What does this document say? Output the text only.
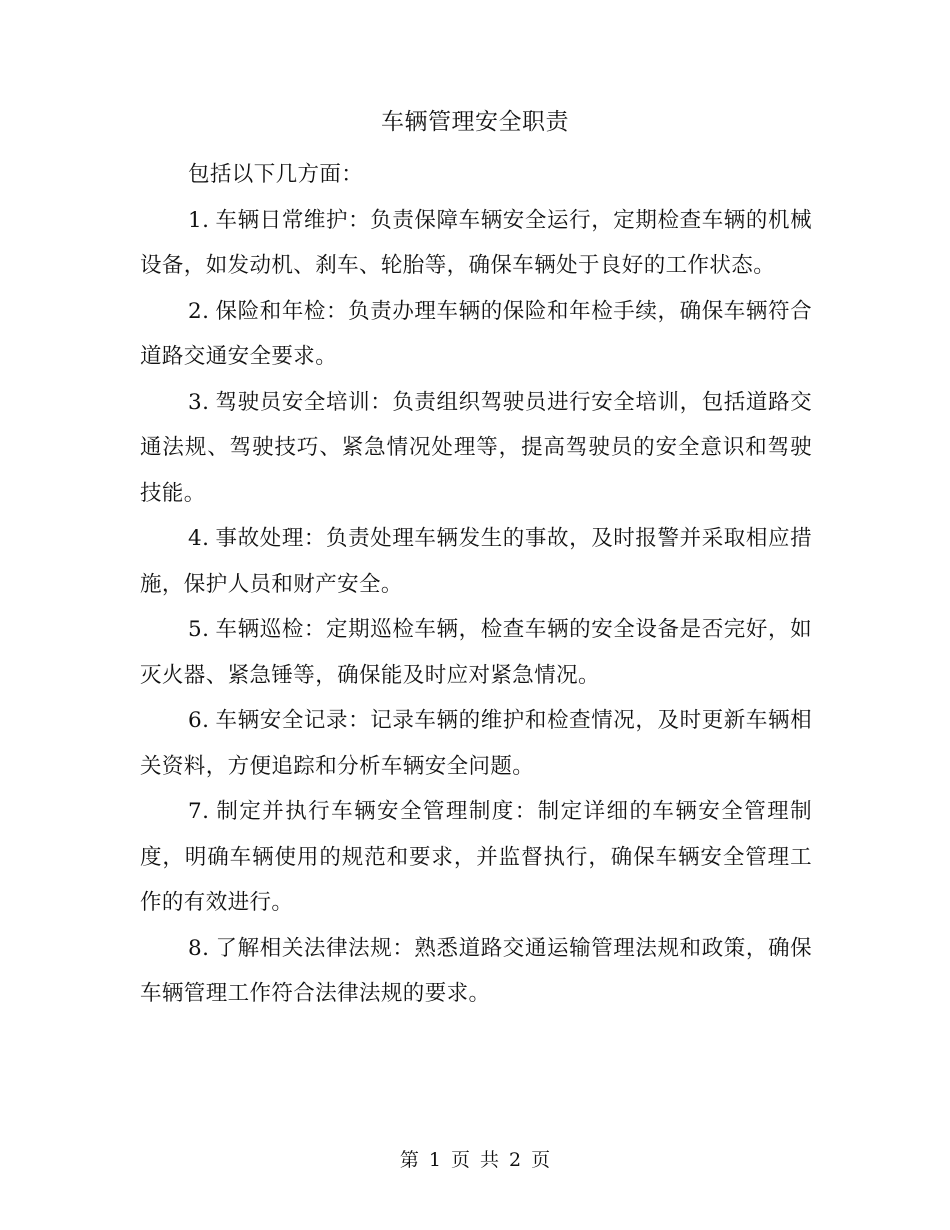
车辆管理安全职责

包括以下几方面：

1. 车辆日常维护：负责保障车辆安全运行，定期检查车辆的机械设备，如发动机、刹车、轮胎等，确保车辆处于良好的工作状态。

2. 保险和年检：负责办理车辆的保险和年检手续，确保车辆符合道路交通安全要求。

3. 驾驶员安全培训：负责组织驾驶员进行安全培训，包括道路交通法规、驾驶技巧、紧急情况处理等，提高驾驶员的安全意识和驾驶技能。

4. 事故处理：负责处理车辆发生的事故，及时报警并采取相应措施，保护人员和财产安全。

5. 车辆巡检：定期巡检车辆，检查车辆的安全设备是否完好，如灭火器、紧急锤等，确保能及时应对紧急情况。

6. 车辆安全记录：记录车辆的维护和检查情况，及时更新车辆相关资料，方便追踪和分析车辆安全问题。

7. 制定并执行车辆安全管理制度：制定详细的车辆安全管理制度，明确车辆使用的规范和要求，并监督执行，确保车辆安全管理工作的有效进行。

8. 了解相关法律法规：熟悉道路交通运输管理法规和政策，确保车辆管理工作符合法律法规的要求。

第 1 页 共 2 页
